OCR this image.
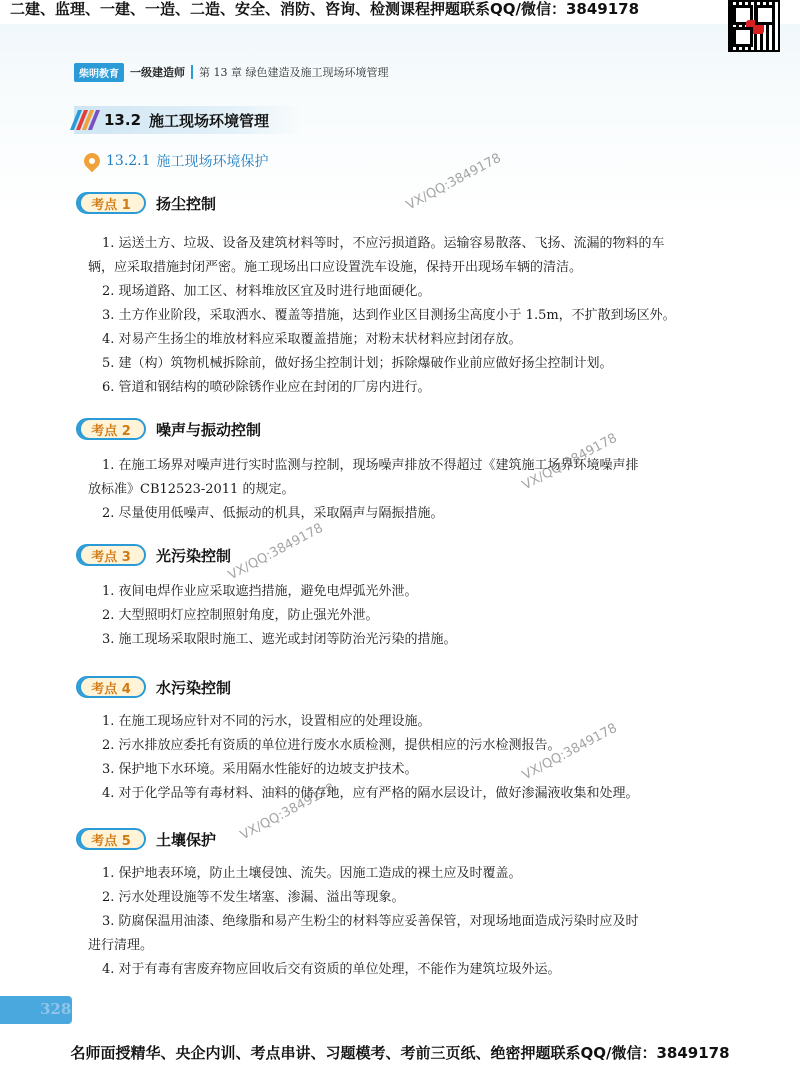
二建、监理、一建、一造、二造、安全、消防、咨询、检测课程押题联系QQ/微信：3849178
柴明教育	一级建造师 第 13 章 绿色建造及施工现场环境管理
13.2 施工现场环境管理
13.2.1 施工现场环境保护
考点 1	扬尘控制
1. 运送土方、垃圾、设备及建筑材料等时，不应污损道路。运输容易散落、飞扬、流漏的物料的车
辆，应采取措施封闭严密。施工现场出口应设置洗车设施，保持开出现场车辆的清洁。
2. 现场道路、加工区、材料堆放区宜及时进行地面硬化。
3. 土方作业阶段，采取洒水、覆盖等措施，达到作业区目测扬尘高度小于 1.5m，不扩散到场区外。
4. 对易产生扬尘的堆放材料应采取覆盖措施；对粉末状材料应封闭存放。
5. 建（构）筑物机械拆除前，做好扬尘控制计划；拆除爆破作业前应做好扬尘控制计划。
6. 管道和钢结构的喷砂除锈作业应在封闭的厂房内进行。
考点 2	噪声与振动控制
1. 在施工场界对噪声进行实时监测与控制，现场噪声排放不得超过《建筑施工场界环境噪声排
放标准》CB12523-2011 的规定。
2. 尽量使用低噪声、低振动的机具，采取隔声与隔振措施。
考点 3	光污染控制
1. 夜间电焊作业应采取遮挡措施，避免电焊弧光外泄。
2. 大型照明灯应控制照射角度，防止强光外泄。
3. 施工现场采取限时施工、遮光或封闭等防治光污染的措施。
考点 4	水污染控制
1. 在施工现场应针对不同的污水，设置相应的处理设施。
2. 污水排放应委托有资质的单位进行废水水质检测，提供相应的污水检测报告。
3. 保护地下水环境。采用隔水性能好的边坡支护技术。
4. 对于化学品等有毒材料、油料的储存地，应有严格的隔水层设计，做好渗漏液收集和处理。
考点 5	土壤保护
1. 保护地表环境，防止土壤侵蚀、流失。因施工造成的裸土应及时覆盖。
2. 污水处理设施等不发生堵塞、渗漏、溢出等现象。
3. 防腐保温用油漆、绝缘脂和易产生粉尘的材料等应妥善保管，对现场地面造成污染时应及时
进行清理。
4. 对于有毒有害废弃物应回收后交有资质的单位处理，不能作为建筑垃圾外运。
VX/QQ:3849178
VX/QQ:3849178
VX/QQ:3849178
VX/QQ:3849178
VX/QQ:3849178
328
名师面授精华、央企内训、考点串讲、习题模考、考前三页纸、绝密押题联系QQ/微信：3849178
